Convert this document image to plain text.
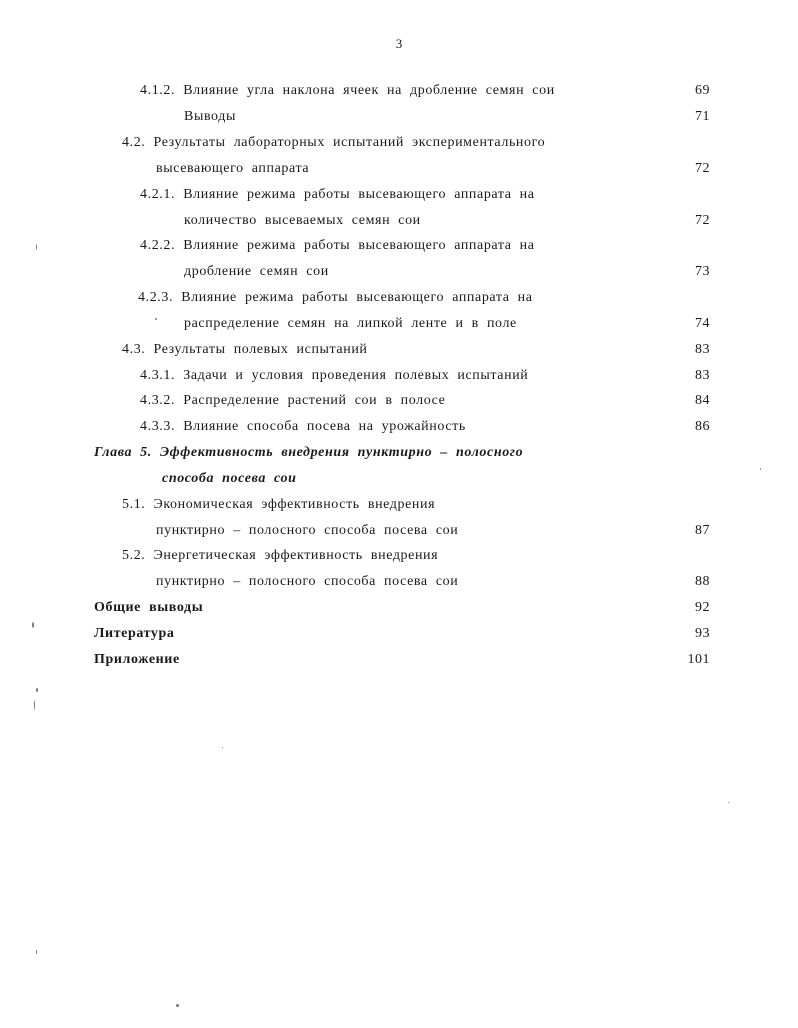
3
4.1.2. Влияние угла наклона ячеек на дробление семян сои	69
Выводы	71
4.2. Результаты лабораторных испытаний экспериментального
высевающего аппарата	72
4.2.1. Влияние режима работы высевающего аппарата на
количество высеваемых семян сои	72
4.2.2. Влияние режима работы высевающего аппарата на
дробление семян сои	73
4.2.3. Влияние режима работы высевающего аппарата на
распределение семян на липкой ленте и в поле	74
4.3. Результаты полевых испытаний	83
4.3.1. Задачи и условия проведения полевых испытаний	83
4.3.2. Распределение растений сои в полосе	84
4.3.3. Влияние способа посева на урожайность	86
Глава 5. Эффективность внедрения пунктирно – полосного
способа посева сои
5.1. Экономическая эффективность внедрения
пунктирно – полосного способа посева сои	87
5.2. Энергетическая эффективность внедрения
пунктирно – полосного способа посева сои	88
Общие выводы	92
Литература	93
Приложение	101
